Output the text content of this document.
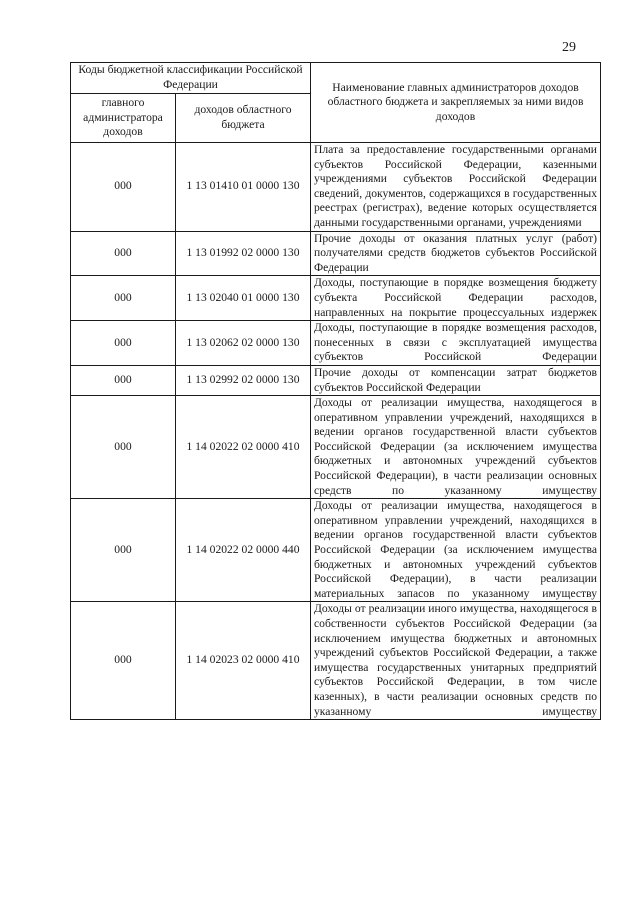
29
Коды бюджетной классификации Российской Федерации		Наименование главных администраторов доходов областного бюджета и закрепляемых за ними видов доходов
главного администратора доходов	доходов областного бюджета	
000	1 13 01410 01 0000 130	Плата за предоставление государственными органами субъектов Российской Федерации, казенными учреждениями субъектов Российской Федерации сведений, документов, содержащихся в государственных реестрах (регистрах), ведение которых осуществляется данными государственными органами, учреждениями
000	1 13 01992 02 0000 130	Прочие доходы от оказания платных услуг (работ) получателями средств бюджетов субъектов Российской Федерации
000	1 13 02040 01 0000 130	Доходы, поступающие в порядке возмещения бюджету субъекта Российской Федерации расходов, направленных на покрытие процессуальных издержек
000	1 13 02062 02 0000 130	Доходы, поступающие в порядке возмещения расходов, понесенных в связи с эксплуатацией имущества субъектов Российской Федерации
000	1 13 02992 02 0000 130	Прочие доходы от компенсации затрат бюджетов субъектов Российской Федерации
000	1 14 02022 02 0000 410	Доходы от реализации имущества, находящегося в оперативном управлении учреждений, находящихся в ведении органов государственной власти субъектов Российской Федерации (за исключением имущества бюджетных и автономных учреждений субъектов Российской Федерации), в части реализации основных средств по указанному имуществу
000	1 14 02022 02 0000 440	Доходы от реализации имущества, находящегося в оперативном управлении учреждений, находящихся в ведении органов государственной власти субъектов Российской Федерации (за исключением имущества бюджетных и автономных учреждений субъектов Российской Федерации), в части реализации материальных запасов по указанному имуществу
000	1 14 02023 02 0000 410	Доходы от реализации иного имущества, находящегося в собственности субъектов Российской Федерации (за исключением имущества бюджетных и автономных учреждений субъектов Российской Федерации, а также имущества государственных унитарных предприятий субъектов Российской Федерации, в том числе казенных), в части реализации основных средств по указанному имуществу
